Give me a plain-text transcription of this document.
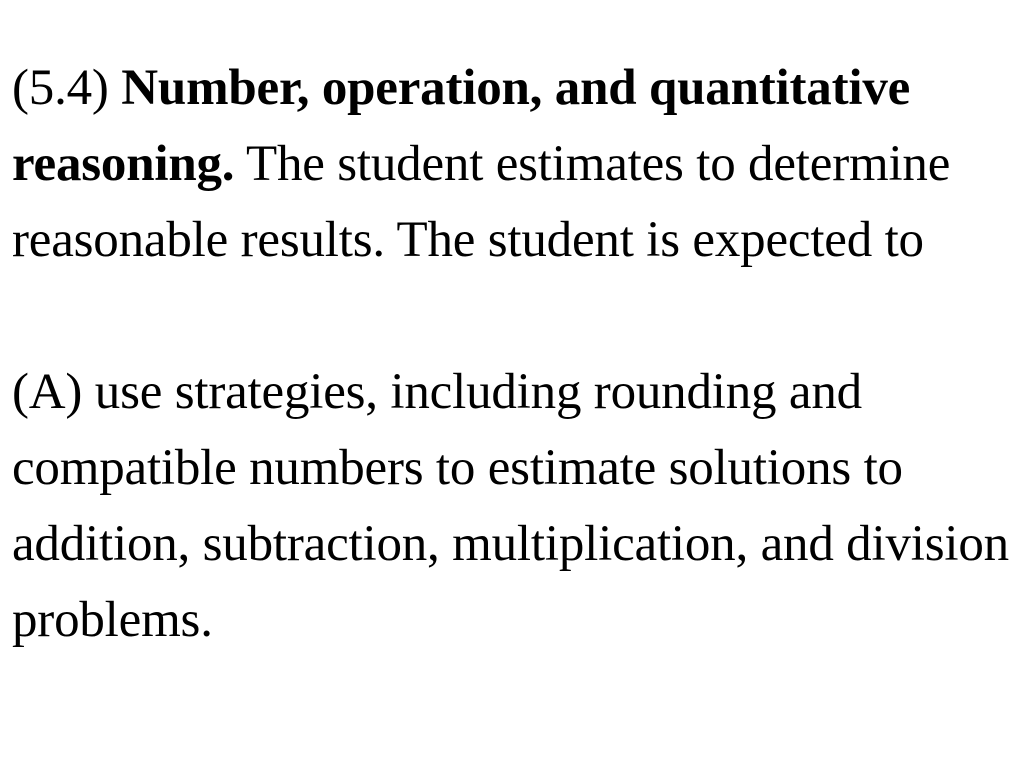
(5.4) Number, operation, and quantitative reasoning. The student estimates to determine reasonable results. The student is expected to

(A) use strategies, including rounding and compatible numbers to estimate solutions to addition, subtraction, multiplication, and division problems.
